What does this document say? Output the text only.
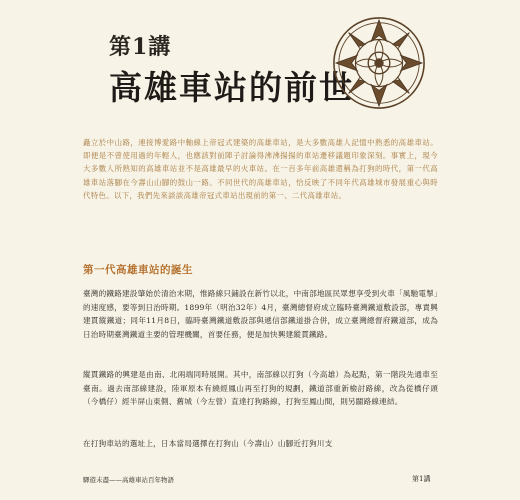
第1講
高雄車站的前世
矗立於中山路，連接博愛路中軸線上帝冠式建築的高雄車站，是大多數高雄人記憶中熟悉的高雄車站。即便是不曾使用過的年輕人，也應該對前陣子討論得沸沸揚揚的車站遷移議題印象深刻。事實上，現今大多數人所熟知的高雄車站並不是高雄最早的火車站。在一百多年前高雄還稱為打狗的時代，第一代高雄車站落腳在今壽山山腳的鼓山一路。不同世代的高雄車站，恰反映了不同年代高雄城市發展重心與時代特色。以下，我們先來談談高雄帝冠式車站出現前的第一、二代高雄車站。
第一代高雄車站的誕生

臺灣的鐵路建設肇始於清治末期，惟路線只鋪設在新竹以北，中南部地區民眾想享受到火車「風馳電掣」的速度感，要等到日治時期。1899年（明治32年）4月，臺灣總督府成立臨時臺灣鐵道敷設部，專責興建貫縱鐵道；同年11月8日，臨時臺灣鐵道敷設部與遞信部鐵道掛合併，成立臺灣總督府鐵道部，成為日治時期臺灣鐵道主要的管理機關，首要任務，便是加快興建縱貫鐵路。

縱貫鐵路的興建是由南、北兩端同時展開。其中，南部線以打狗（今高雄）為起點，第一階段先通車至臺南。過去南部線建設，陸軍原本有繞經鳳山再至打狗的規劃，鐵道部重新檢討路線，改為從橋仔頭（今橋仔）經半屏山東側、舊城（今左營）直達打狗路線，打狗至鳳山間，則另闢路線連結。

在打狗車站的選址上，日本當局選擇在打狗山（今壽山）山腳近打狗川支

驛遊未盡——高雄車站百年物語	第1講
